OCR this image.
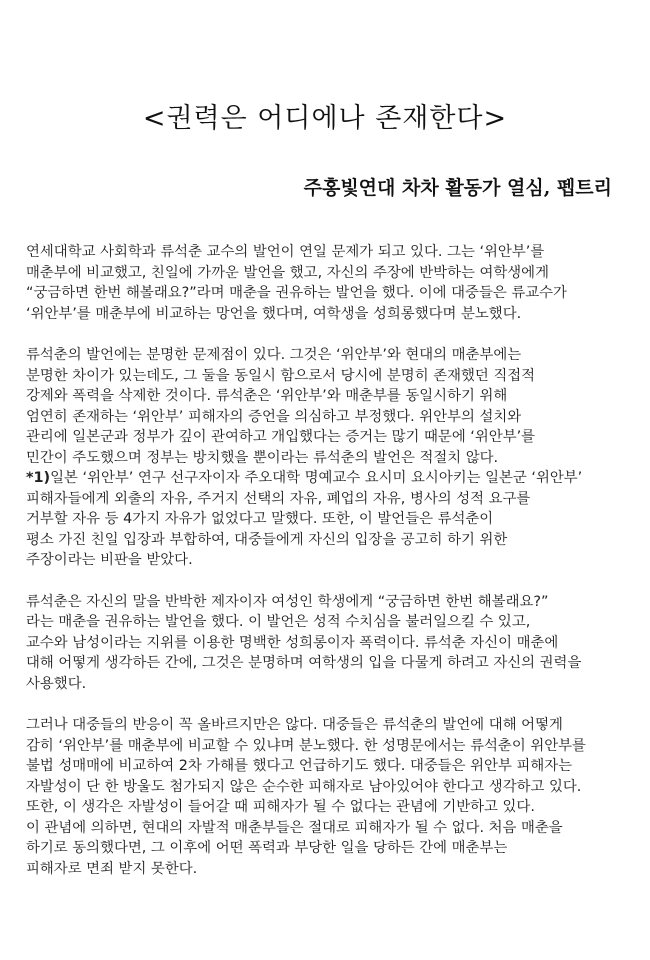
<권력은 어디에나 존재한다>

주홍빛연대 차차 활동가 열심, 펩트리

연세대학교 사회학과 류석춘 교수의 발언이 연일 문제가 되고 있다. 그는 ‘위안부’를
매춘부에 비교했고, 친일에 가까운 발언을 했고, 자신의 주장에 반박하는 여학생에게
“궁금하면 한번 해볼래요?”라며 매춘을 권유하는 발언을 했다. 이에 대중들은 류교수가
‘위안부’를 매춘부에 비교하는 망언을 했다며, 여학생을 성희롱했다며 분노했다.

류석춘의 발언에는 분명한 문제점이 있다. 그것은 ‘위안부’와 현대의 매춘부에는
분명한 차이가 있는데도, 그 둘을 동일시 함으로서 당시에 분명히 존재했던 직접적
강제와 폭력을 삭제한 것이다. 류석춘은 ‘위안부’와 매춘부를 동일시하기 위해
엄연히 존재하는 ‘위안부’ 피해자의 증언을 의심하고 부정했다. 위안부의 설치와
관리에 일본군과 정부가 깊이 관여하고 개입했다는 증거는 많기 때문에 ‘위안부’를
민간이 주도했으며 정부는 방치했을 뿐이라는 류석춘의 발언은 적절치 않다.
*1)일본 ‘위안부’ 연구 선구자이자 주오대학 명예교수 요시미 요시아키는 일본군 ‘위안부’
피해자들에게 외출의 자유, 주거지 선택의 자유, 폐업의 자유, 병사의 성적 요구를
거부할 자유 등 4가지 자유가 없었다고 말했다. 또한, 이 발언들은 류석춘이
평소 가진 친일 입장과 부합하여, 대중들에게 자신의 입장을 공고히 하기 위한
주장이라는 비판을 받았다.

류석춘은 자신의 말을 반박한 제자이자 여성인 학생에게 “궁금하면 한번 해볼래요?”
라는 매춘을 권유하는 발언을 했다. 이 발언은 성적 수치심을 불러일으킬 수 있고,
교수와 남성이라는 지위를 이용한 명백한 성희롱이자 폭력이다. 류석춘 자신이 매춘에
대해 어떻게 생각하든 간에, 그것은 분명하며 여학생의 입을 다물게 하려고 자신의 권력을
사용했다.

그러나 대중들의 반응이 꼭 올바르지만은 않다. 대중들은 류석춘의 발언에 대해 어떻게
감히 ‘위안부’를 매춘부에 비교할 수 있냐며 분노했다. 한 성명문에서는 류석춘이 위안부를
불법 성매매에 비교하여 2차 가해를 했다고 언급하기도 했다. 대중들은 위안부 피해자는
자발성이 단 한 방울도 첨가되지 않은 순수한 피해자로 남아있어야 한다고 생각하고 있다.
또한, 이 생각은 자발성이 들어갈 때 피해자가 될 수 없다는 관념에 기반하고 있다.
이 관념에 의하면, 현대의 자발적 매춘부들은 절대로 피해자가 될 수 없다. 처음 매춘을
하기로 동의했다면, 그 이후에 어떤 폭력과 부당한 일을 당하든 간에 매춘부는
피해자로 면죄 받지 못한다.
